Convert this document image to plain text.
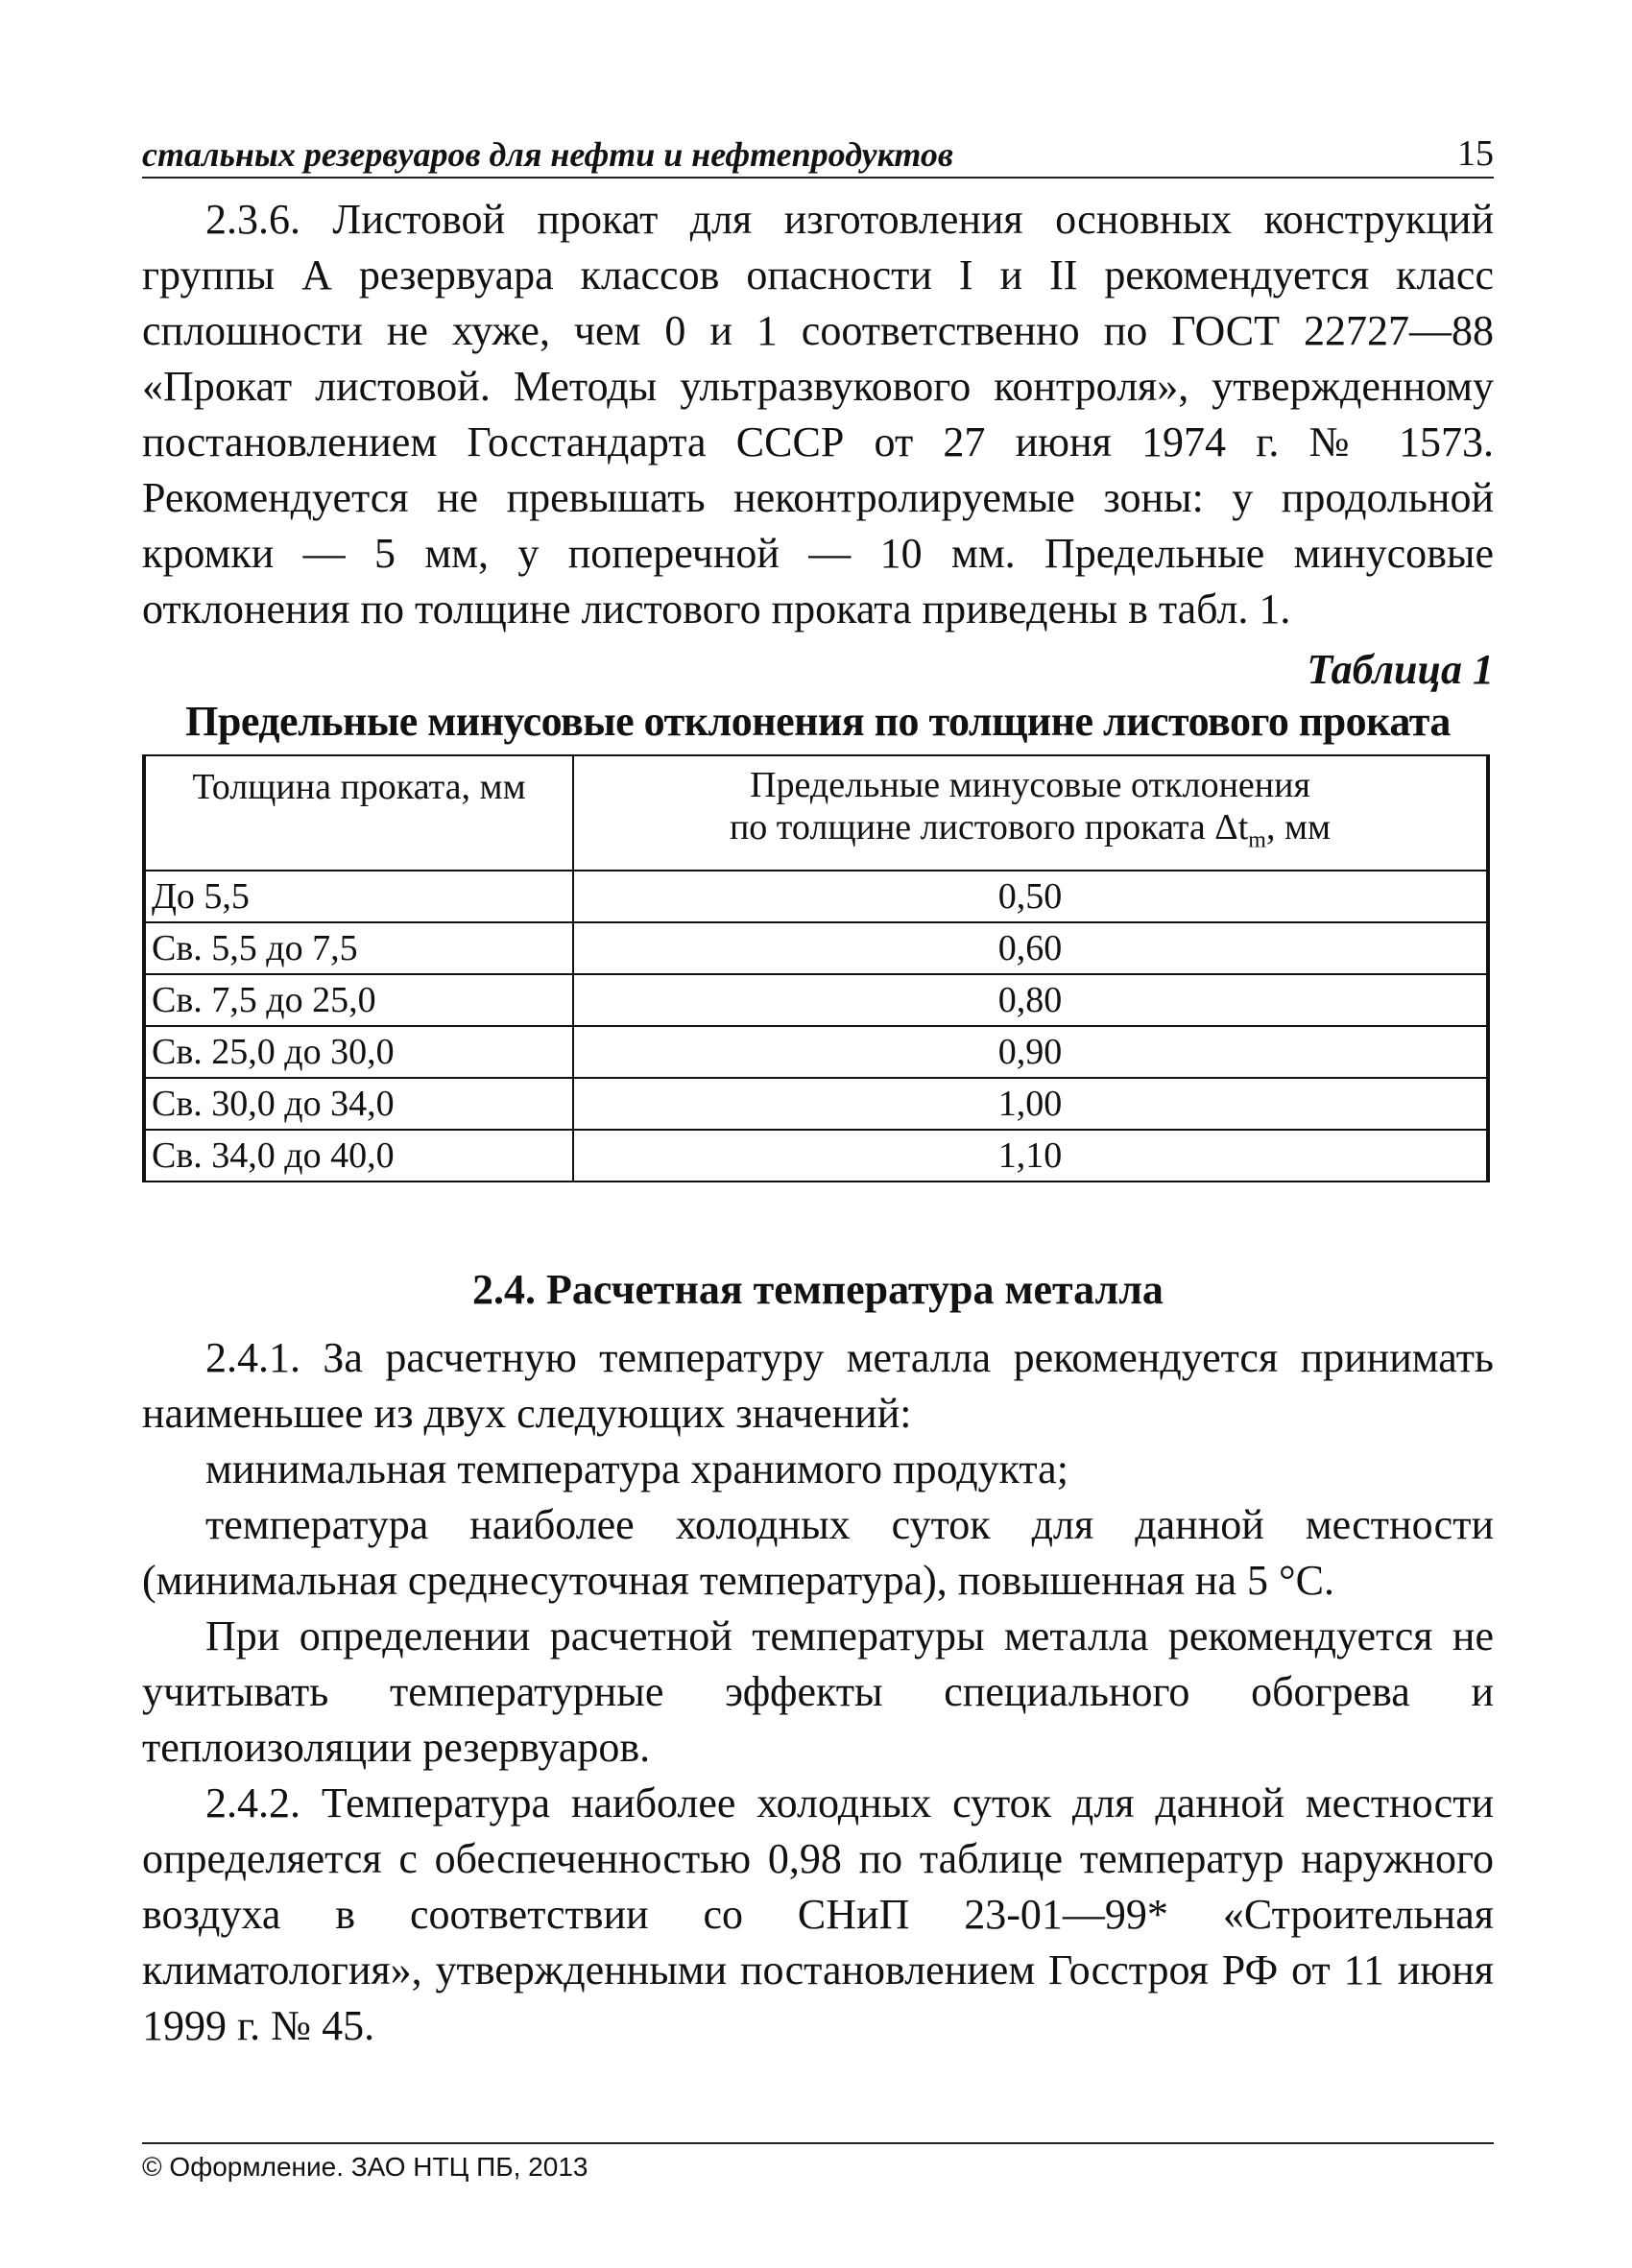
стальных резервуаров для нефти и нефтепродуктов	15

2.3.6. Листовой прокат для изготовления основных конструкций группы А резервуара классов опасности I и II рекомендуется класс сплошности не хуже, чем 0 и 1 соответственно по ГОСТ 22727—88 «Прокат листовой. Методы ультразвукового контроля», утвержденному постановлением Госстандарта СССР от 27 июня 1974 г. № 1573. Рекомендуется не превышать неконтролируемые зоны: у продольной кромки — 5 мм, у поперечной — 10 мм. Предельные минусовые отклонения по толщине листового проката приведены в табл. 1.

Таблица 1
Предельные минусовые отклонения по толщине листового проката
Толщина проката, мм	Предельные минусовые отклонения
по толщине листового проката $\Delta t_m$, мм

До 5,5	0,50
Св. 5,5 до 7,5	0,60
Св. 7,5 до 25,0	0,80
Св. 25,0 до 30,0	0,90
Св. 30,0 до 34,0	1,00
Св. 34,0 до 40,0	1,10
2.4. Расчетная температура металла

2.4.1. За расчетную температуру металла рекомендуется принимать наименьшее из двух следующих значений:

минимальная температура хранимого продукта;

температура наиболее холодных суток для данной местности (минимальная среднесуточная температура), повышенная на 5 °С.

При определении расчетной температуры металла рекомендуется не учитывать температурные эффекты специального обогрева и теплоизоляции резервуаров.

2.4.2. Температура наиболее холодных суток для данной местности определяется с обеспеченностью 0,98 по таблице температур наружного воздуха в соответствии со СНиП 23-01—99* «Строительная климатология», утвержденными постановлением Госстроя РФ от 11 июня 1999 г. № 45.

© Оформление. ЗАО НТЦ ПБ, 2013
